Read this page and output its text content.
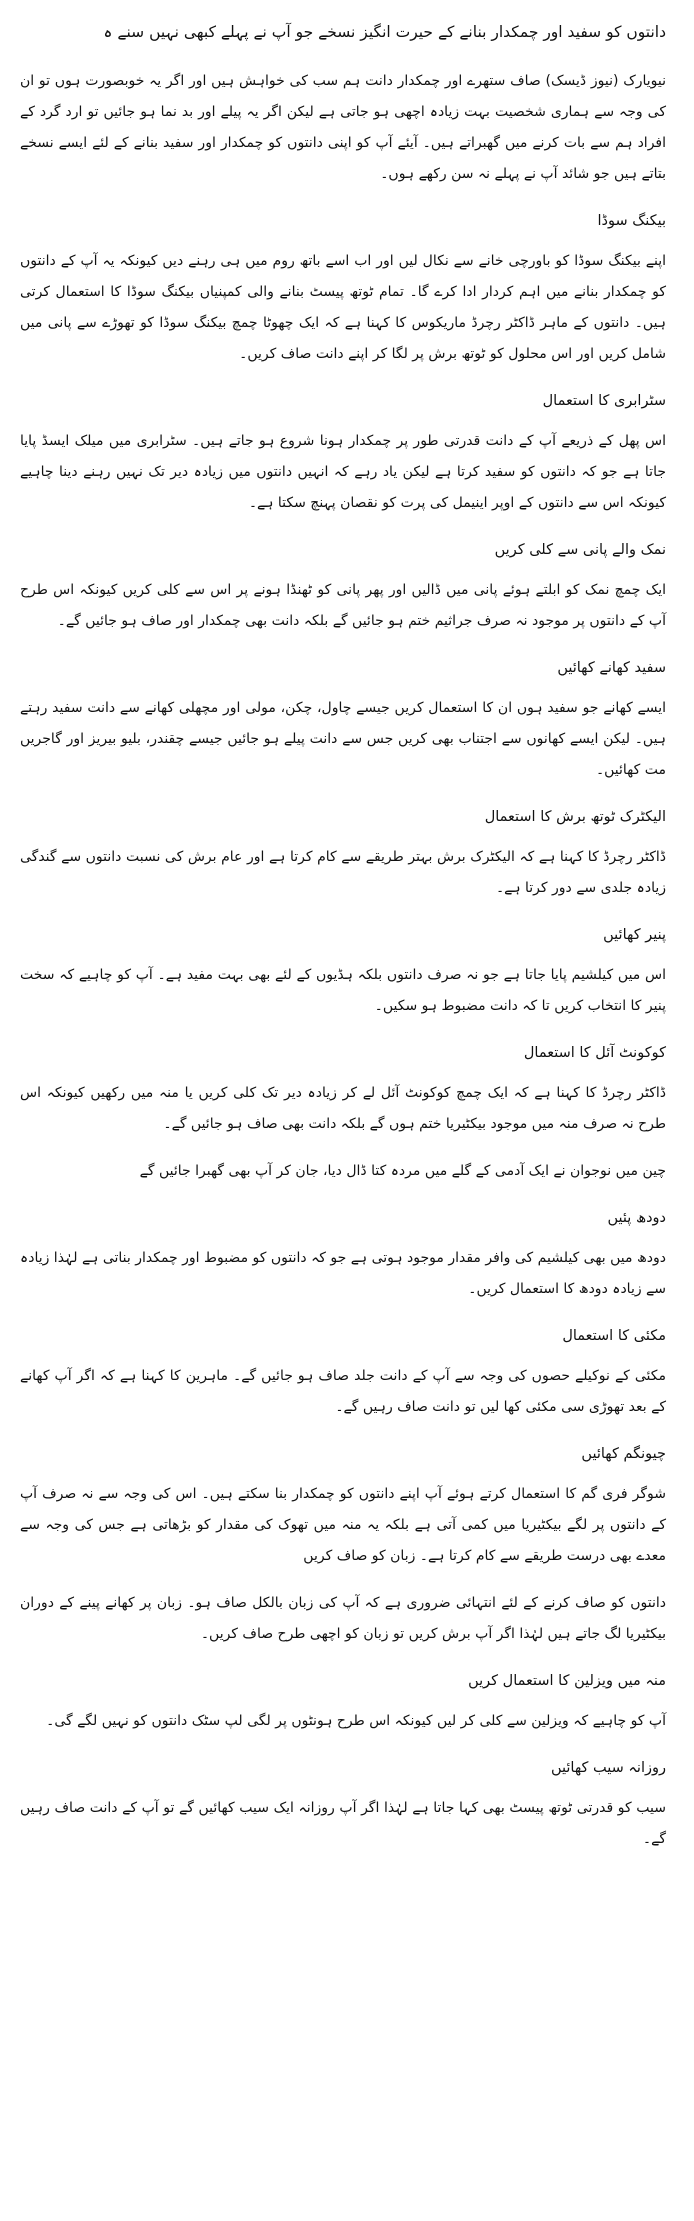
دانتوں کو سفید اور چمکدار بنانے کے حیرت انگیز نسخے جو آپ نے پہلے کبھی نہیں سنے ہ

نیویارک (نیوز ڈیسک) صاف ستھرے اور چمکدار دانت ہم سب کی خواہش ہیں اور اگر یہ خوبصورت ہوں تو ان کی وجہ سے ہماری شخصیت بہت زیادہ اچھی ہو جاتی ہے لیکن اگر یہ پیلے اور بد نما ہو جائیں تو ارد گرد کے افراد ہم سے بات کرنے میں گھبراتے ہیں۔ آیئے آپ کو اپنی دانتوں کو چمکدار اور سفید بنانے کے لئے ایسے نسخے بتاتے ہیں جو شائد آپ نے پہلے نہ سن رکھے ہوں۔

بیکنگ سوڈا

اپنے بیکنگ سوڈا کو باورچی خانے سے نکال لیں اور اب اسے باتھ روم میں ہی رہنے دیں کیونکہ یہ آپ کے دانتوں کو چمکدار بنانے میں اہم کردار ادا کرے گا۔ تمام ٹوتھ پیسٹ بنانے والی کمپنیاں بیکنگ سوڈا کا استعمال کرتی ہیں۔ دانتوں کے ماہر ڈاکٹر رچرڈ ماریکوس کا کہنا ہے کہ ایک چھوٹا چمچ بیکنگ سوڈا کو تھوڑے سے پانی میں شامل کریں اور اس محلول کو ٹوتھ برش پر لگا کر اپنے دانت صاف کریں۔

سٹرابری کا استعمال

اس پھل کے ذریعے آپ کے دانت قدرتی طور پر چمکدار ہونا شروع ہو جاتے ہیں۔ سٹرابری میں میلک ایسڈ پایا جاتا ہے جو کہ دانتوں کو سفید کرتا ہے لیکن یاد رہے کہ انہیں دانتوں میں زیادہ دیر تک نہیں رہنے دینا چاہیے کیونکہ اس سے دانتوں کے اوپر اینیمل کی پرت کو نقصان پہنچ سکتا ہے۔

نمک والے پانی سے کلی کریں

ایک چمچ نمک کو ابلتے ہوئے پانی میں ڈالیں اور پھر پانی کو ٹھنڈا ہونے پر اس سے کلی کریں کیونکہ اس طرح آپ کے دانتوں پر موجود نہ صرف جراثیم ختم ہو جائیں گے بلکہ دانت بھی چمکدار اور صاف ہو جائیں گے۔

سفید کھانے کھائیں

ایسے کھانے جو سفید ہوں ان کا استعمال کریں جیسے چاول، چکن، مولی اور مچھلی کھانے سے دانت سفید رہتے ہیں۔ لیکن ایسے کھانوں سے اجتناب بھی کریں جس سے دانت پیلے ہو جائیں جیسے چقندر، بلیو بیریز اور گاجریں مت کھائیں۔

الیکٹرک ٹوتھ برش کا استعمال

ڈاکٹر رچرڈ کا کہنا ہے کہ الیکٹرک برش بہتر طریقے سے کام کرتا ہے اور عام برش کی نسبت دانتوں سے گندگی زیادہ جلدی سے دور کرتا ہے۔

پنیر کھائیں

اس میں کیلشیم پایا جاتا ہے جو نہ صرف دانتوں بلکہ ہڈیوں کے لئے بھی بہت مفید ہے۔ آپ کو چاہیے کہ سخت پنیر کا انتخاب کریں تا کہ دانت مضبوط ہو سکیں۔

کوکونٹ آئل کا استعمال

ڈاکٹر رچرڈ کا کہنا ہے کہ ایک چمچ کوکونٹ آئل لے کر زیادہ دیر تک کلی کریں یا منہ میں رکھیں کیونکہ اس طرح نہ صرف منہ میں موجود بیکٹیریا ختم ہوں گے بلکہ دانت بھی صاف ہو جائیں گے۔

چین میں نوجوان نے ایک آدمی کے گلے میں مردہ کتا ڈال دیا، جان کر آپ بھی گھبرا جائیں گے

دودھ پئیں

دودھ میں بھی کیلشیم کی وافر مقدار موجود ہوتی ہے جو کہ دانتوں کو مضبوط اور چمکدار بناتی ہے لہٰذا زیادہ سے زیادہ دودھ کا استعمال کریں۔

مکئی کا استعمال

مکئی کے نوکیلے حصوں کی وجہ سے آپ کے دانت جلد صاف ہو جائیں گے۔ ماہرین کا کہنا ہے کہ اگر آپ کھانے کے بعد تھوڑی سی مکئی کھا لیں تو دانت صاف رہیں گے۔

چیونگم کھائیں

شوگر فری گم کا استعمال کرتے ہوئے آپ اپنے دانتوں کو چمکدار بنا سکتے ہیں۔ اس کی وجہ سے نہ صرف آپ کے دانتوں پر لگے بیکٹیریا میں کمی آتی ہے بلکہ یہ منہ میں تھوک کی مقدار کو بڑھاتی ہے جس کی وجہ سے معدے بھی درست طریقے سے کام کرتا ہے۔ زبان کو صاف کریں

دانتوں کو صاف کرنے کے لئے انتہائی ضروری ہے کہ آپ کی زبان بالکل صاف ہو۔ زبان پر کھانے پینے کے دوران بیکٹیریا لگ جاتے ہیں لہٰذا اگر آپ برش کریں تو زبان کو اچھی طرح صاف کریں۔

منہ میں ویزلین کا استعمال کریں

آپ کو چاہیے کہ ویزلین سے کلی کر لیں کیونکہ اس طرح ہونٹوں پر لگی لپ سٹک دانتوں کو نہیں لگے گی۔

روزانہ سیب کھائیں

سیب کو قدرتی ٹوتھ پیسٹ بھی کہا جاتا ہے لہٰذا اگر آپ روزانہ ایک سیب کھائیں گے تو آپ کے دانت صاف رہیں گے۔
